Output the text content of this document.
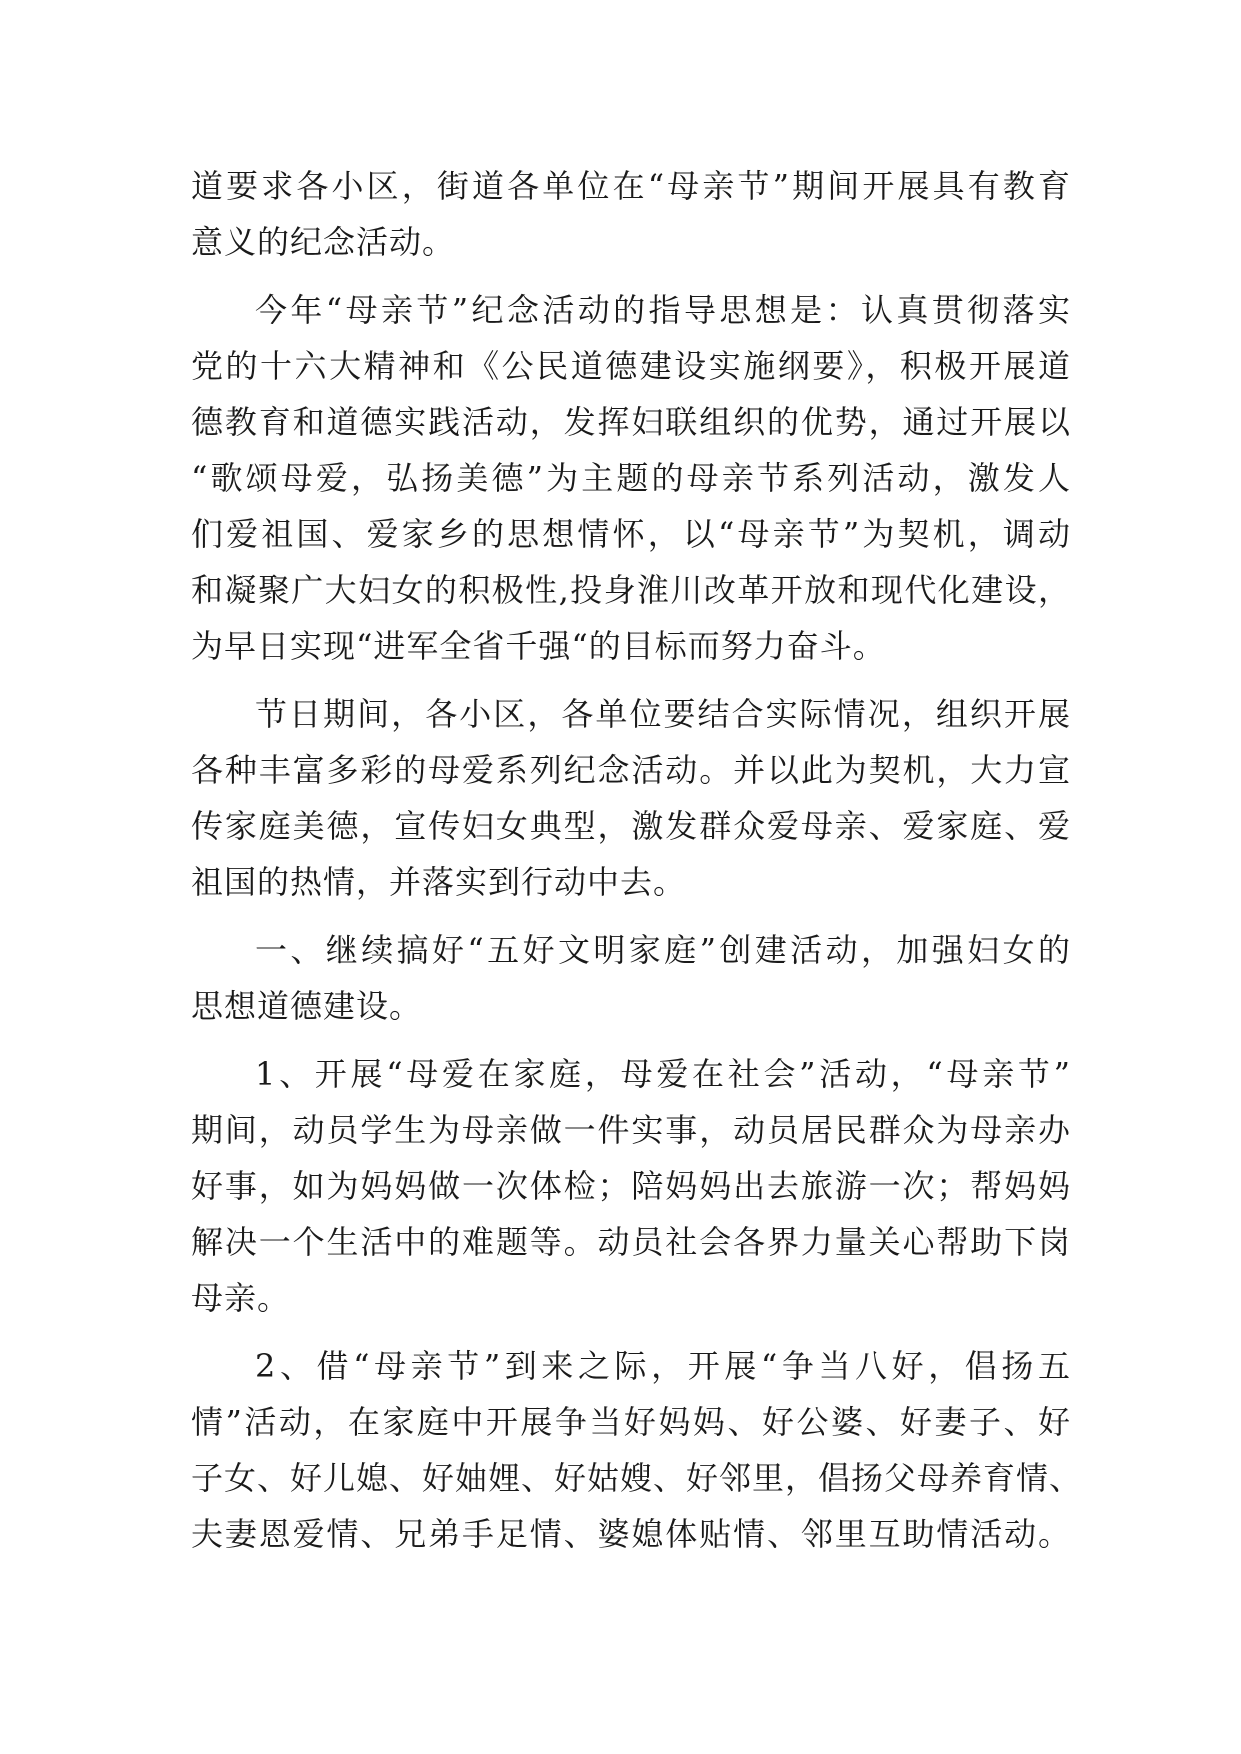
道要求各小区，街道各单位在“母亲节”期间开展具有教育
意义的纪念活动。
今年“母亲节”纪念活动的指导思想是：认真贯彻落实
党的十六大精神和《公民道德建设实施纲要》，积极开展道
德教育和道德实践活动，发挥妇联组织的优势，通过开展以
“歌颂母爱，弘扬美德”为主题的母亲节系列活动，激发人
们爱祖国、爱家乡的思想情怀，以“母亲节”为契机，调动
和凝聚广大妇女的积极性,投身淮川改革开放和现代化建设，
为早日实现“进军全省千强“的目标而努力奋斗。
节日期间，各小区，各单位要结合实际情况，组织开展
各种丰富多彩的母爱系列纪念活动。并以此为契机，大力宣
传家庭美德，宣传妇女典型，激发群众爱母亲、爱家庭、爱
祖国的热情，并落实到行动中去。
一、继续搞好“五好文明家庭”创建活动，加强妇女的
思想道德建设。
1、开展“母爱在家庭，母爱在社会”活动，“母亲节”
期间，动员学生为母亲做一件实事，动员居民群众为母亲办
好事，如为妈妈做一次体检；陪妈妈出去旅游一次；帮妈妈
解决一个生活中的难题等。动员社会各界力量关心帮助下岗
母亲。
2、借“母亲节”到来之际，开展“争当八好，倡扬五
情”活动，在家庭中开展争当好妈妈、好公婆、好妻子、好
子女、好儿媳、好妯娌、好姑嫂、好邻里，倡扬父母养育情、
夫妻恩爱情、兄弟手足情、婆媳体贴情、邻里互助情活动。
